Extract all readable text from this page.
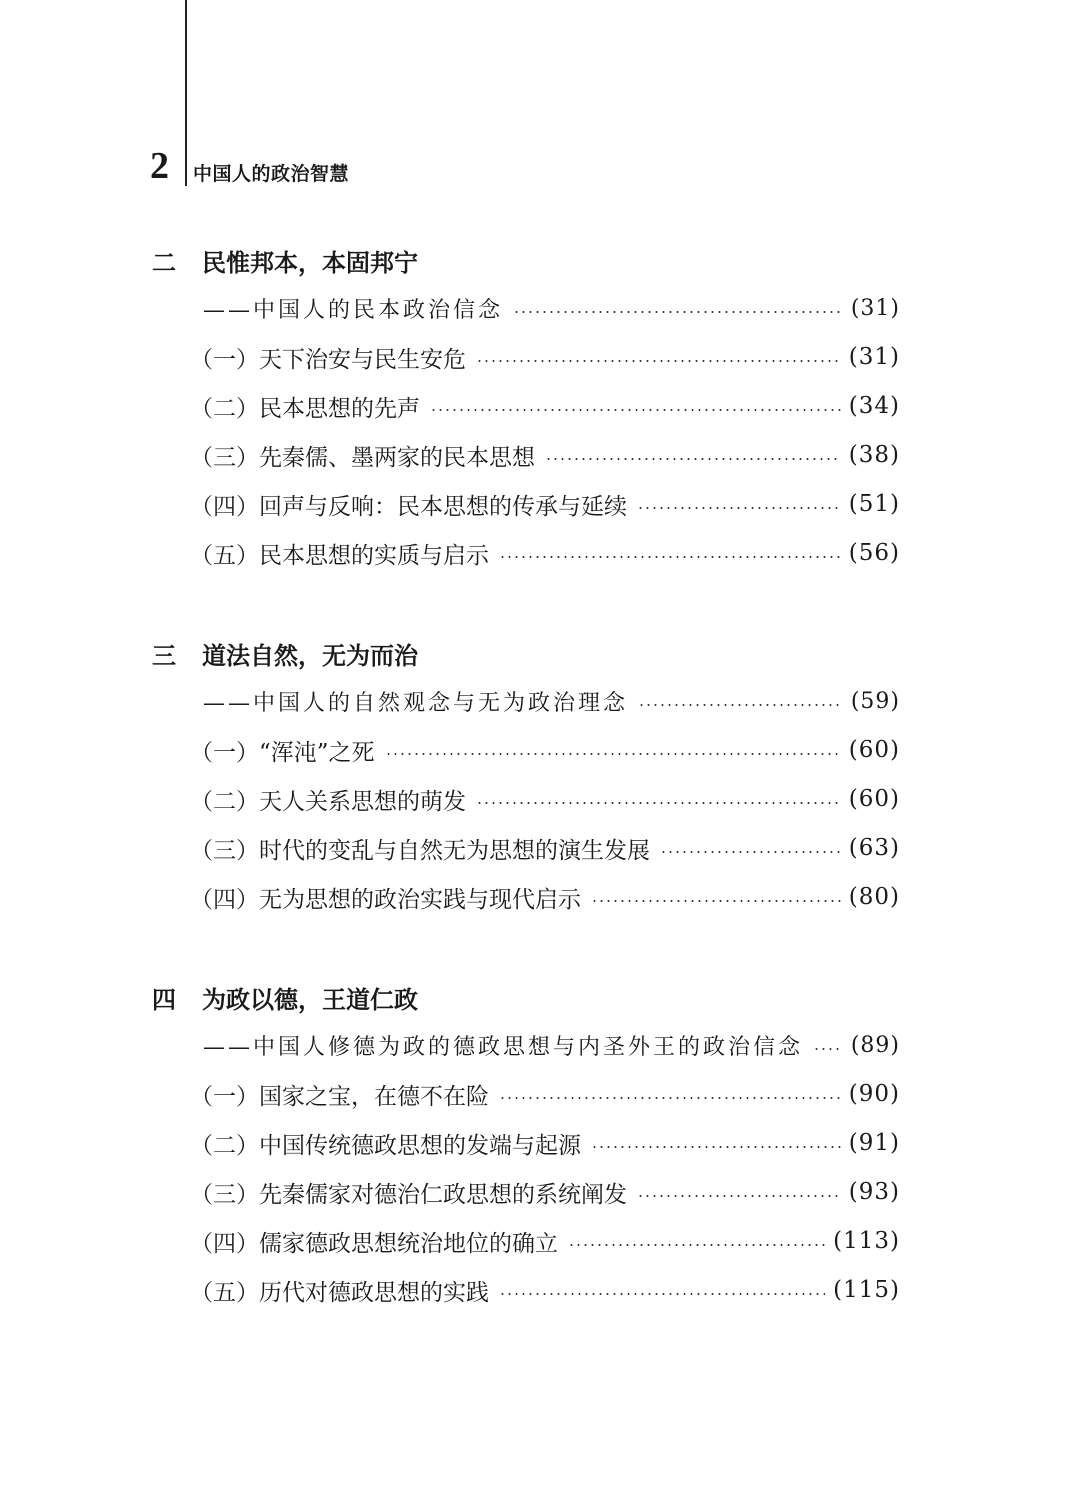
2 中国人的政治智慧
二	民惟邦本，本固邦宁
——中国人的民本政治信念	(31)
（一）天下治安与民生安危	(31)
（二）民本思想的先声	(34)
（三）先秦儒、墨两家的民本思想	(38)
（四）回声与反响：民本思想的传承与延续	(51)
（五）民本思想的实质与启示	(56)
三	道法自然，无为而治
——中国人的自然观念与无为政治理念	(59)
（一）“浑沌”之死	(60)
（二）天人关系思想的萌发	(60)
（三）时代的变乱与自然无为思想的演生发展	(63)
（四）无为思想的政治实践与现代启示	(80)
四	为政以德，王道仁政
——中国人修德为政的德政思想与内圣外王的政治信念 (89)
（一）国家之宝，在德不在险	(90)
（二）中国传统德政思想的发端与起源	(91)
（三）先秦儒家对德治仁政思想的系统阐发	(93)
（四）儒家德政思想统治地位的确立	(113)
（五）历代对德政思想的实践	(115)
